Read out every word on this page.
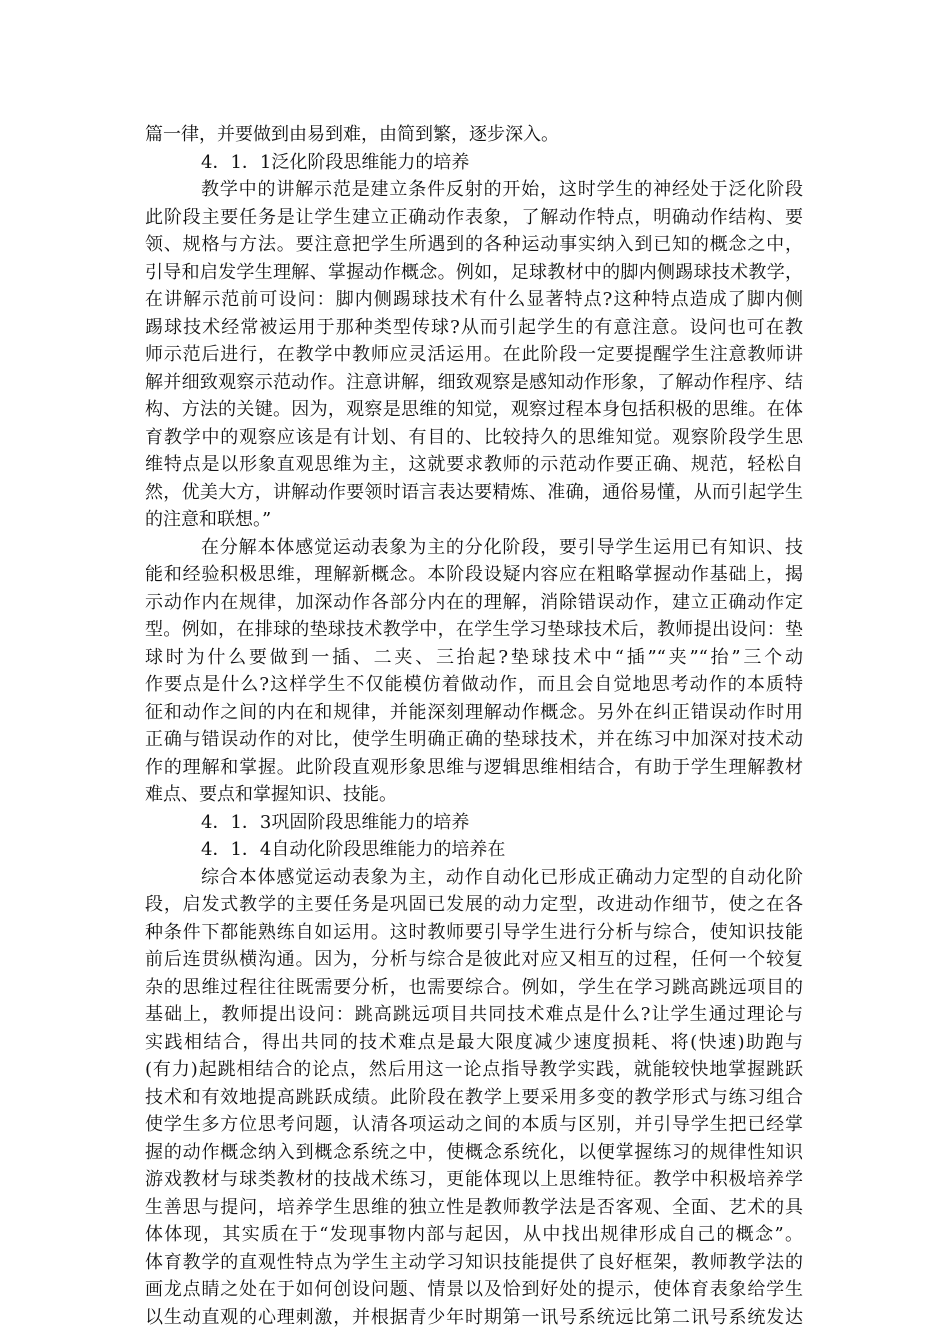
篇一律，并要做到由易到难，由简到繁，逐步深入。
4．1．1泛化阶段思维能力的培养
教学中的讲解示范是建立条件反射的开始，这时学生的神经处于泛化阶段
此阶段主要任务是让学生建立正确动作表象，了解动作特点，明确动作结构、要
领、规格与方法。要注意把学生所遇到的各种运动事实纳入到已知的概念之中，
引导和启发学生理解、掌握动作概念。例如，足球教材中的脚内侧踢球技术教学，
在讲解示范前可设问：脚内侧踢球技术有什么显著特点?这种特点造成了脚内侧
踢球技术经常被运用于那种类型传球?从而引起学生的有意注意。设问也可在教
师示范后进行，在教学中教师应灵活运用。在此阶段一定要提醒学生注意教师讲
解并细致观察示范动作。注意讲解，细致观察是感知动作形象，了解动作程序、结
构、方法的关键。因为，观察是思维的知觉，观察过程本身包括积极的思维。在体
育教学中的观察应该是有计划、有目的、比较持久的思维知觉。观察阶段学生思
维特点是以形象直观思维为主，这就要求教师的示范动作要正确、规范，轻松自
然，优美大方，讲解动作要领时语言表达要精炼、准确，通俗易懂，从而引起学生
的注意和联想。”
在分解本体感觉运动表象为主的分化阶段，要引导学生运用已有知识、技
能和经验积极思维，理解新概念。本阶段设疑内容应在粗略掌握动作基础上，揭
示动作内在规律，加深动作各部分内在的理解，消除错误动作，建立正确动作定
型。例如，在排球的垫球技术教学中，在学生学习垫球技术后，教师提出设问：垫
球时为什么要做到一插、二夹、三抬起?垫球技术中“插”“夹”“抬”三个动
作要点是什么?这样学生不仅能模仿着做动作，而且会自觉地思考动作的本质特
征和动作之间的内在和规律，并能深刻理解动作概念。另外在纠正错误动作时用
正确与错误动作的对比，使学生明确正确的垫球技术，并在练习中加深对技术动
作的理解和掌握。此阶段直观形象思维与逻辑思维相结合，有助于学生理解教材
难点、要点和掌握知识、技能。
4．1．3巩固阶段思维能力的培养
4．1．4自动化阶段思维能力的培养在
综合本体感觉运动表象为主，动作自动化已形成正确动力定型的自动化阶
段，启发式教学的主要任务是巩固已发展的动力定型，改进动作细节，使之在各
种条件下都能熟练自如运用。这时教师要引导学生进行分析与综合，使知识技能
前后连贯纵横沟通。因为，分析与综合是彼此对应又相互的过程，任何一个较复
杂的思维过程往往既需要分析，也需要综合。例如，学生在学习跳高跳远项目的
基础上，教师提出设问：跳高跳远项目共同技术难点是什么?让学生通过理论与
实践相结合，得出共同的技术难点是最大限度减少速度损耗、将(快速)助跑与
(有力)起跳相结合的论点，然后用这一论点指导教学实践，就能较快地掌握跳跃
技术和有效地提高跳跃成绩。此阶段在教学上要采用多变的教学形式与练习组合
使学生多方位思考问题，认清各项运动之间的本质与区别，并引导学生把已经掌
握的动作概念纳入到概念系统之中，使概念系统化，以便掌握练习的规律性知识
游戏教材与球类教材的技战术练习，更能体现以上思维特征。教学中积极培养学
生善思与提问，培养学生思维的独立性是教师教学法是否客观、全面、艺术的具
体体现，其实质在于“发现事物内部与起因，从中找出规律形成自己的概念”。
体育教学的直观性特点为学生主动学习知识技能提供了良好框架，教师教学法的
画龙点睛之处在于如何创设问题、情景以及恰到好处的提示，使体育表象给学生
以生动直观的心理刺激，并根据青少年时期第一讯号系统远比第二讯号系统发达
